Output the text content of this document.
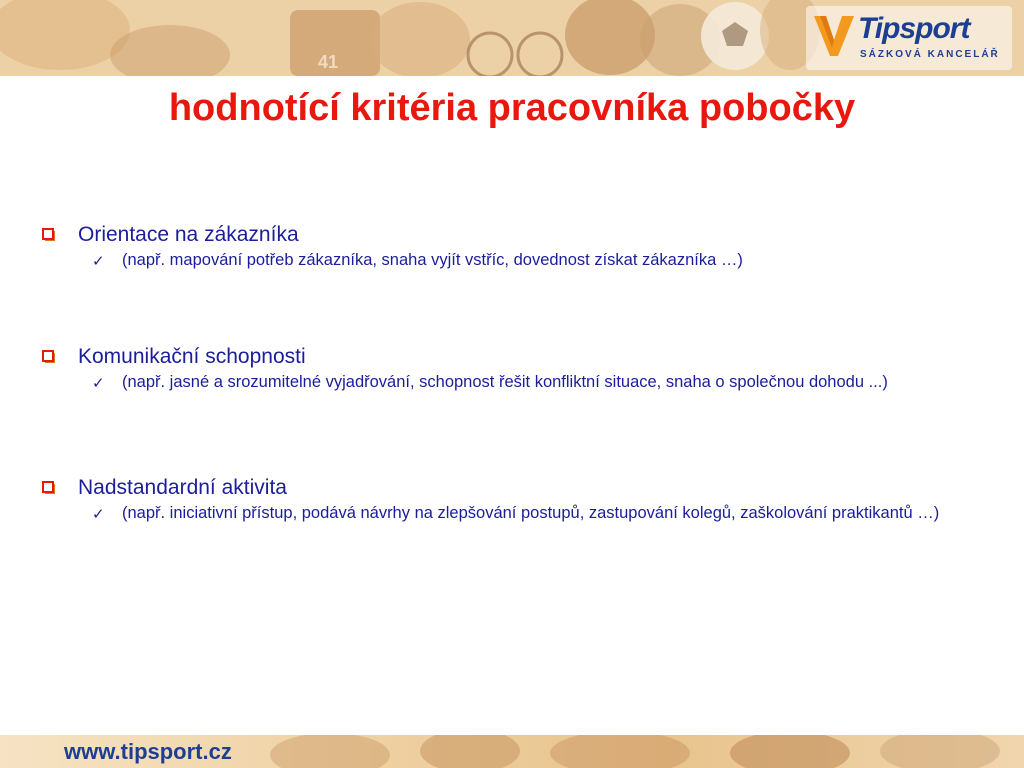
41
Tipsport
SÁZKOVÁ KANCELÁŘ
hodnotící kritéria pracovníka pobočky
Orientace na zákazníka
✓ (např. mapování potřeb zákazníka, snaha vyjít vstříc, dovednost získat zákazníka …)
Komunikační schopnosti
✓ (např. jasné a srozumitelné vyjadřování, schopnost řešit konfliktní situace, snaha o společnou dohodu ...)
Nadstandardní aktivita
✓ (např. iniciativní přístup, podává návrhy na zlepšování postupů, zastupování kolegů, zaškolování praktikantů …)
www.tipsport.cz
